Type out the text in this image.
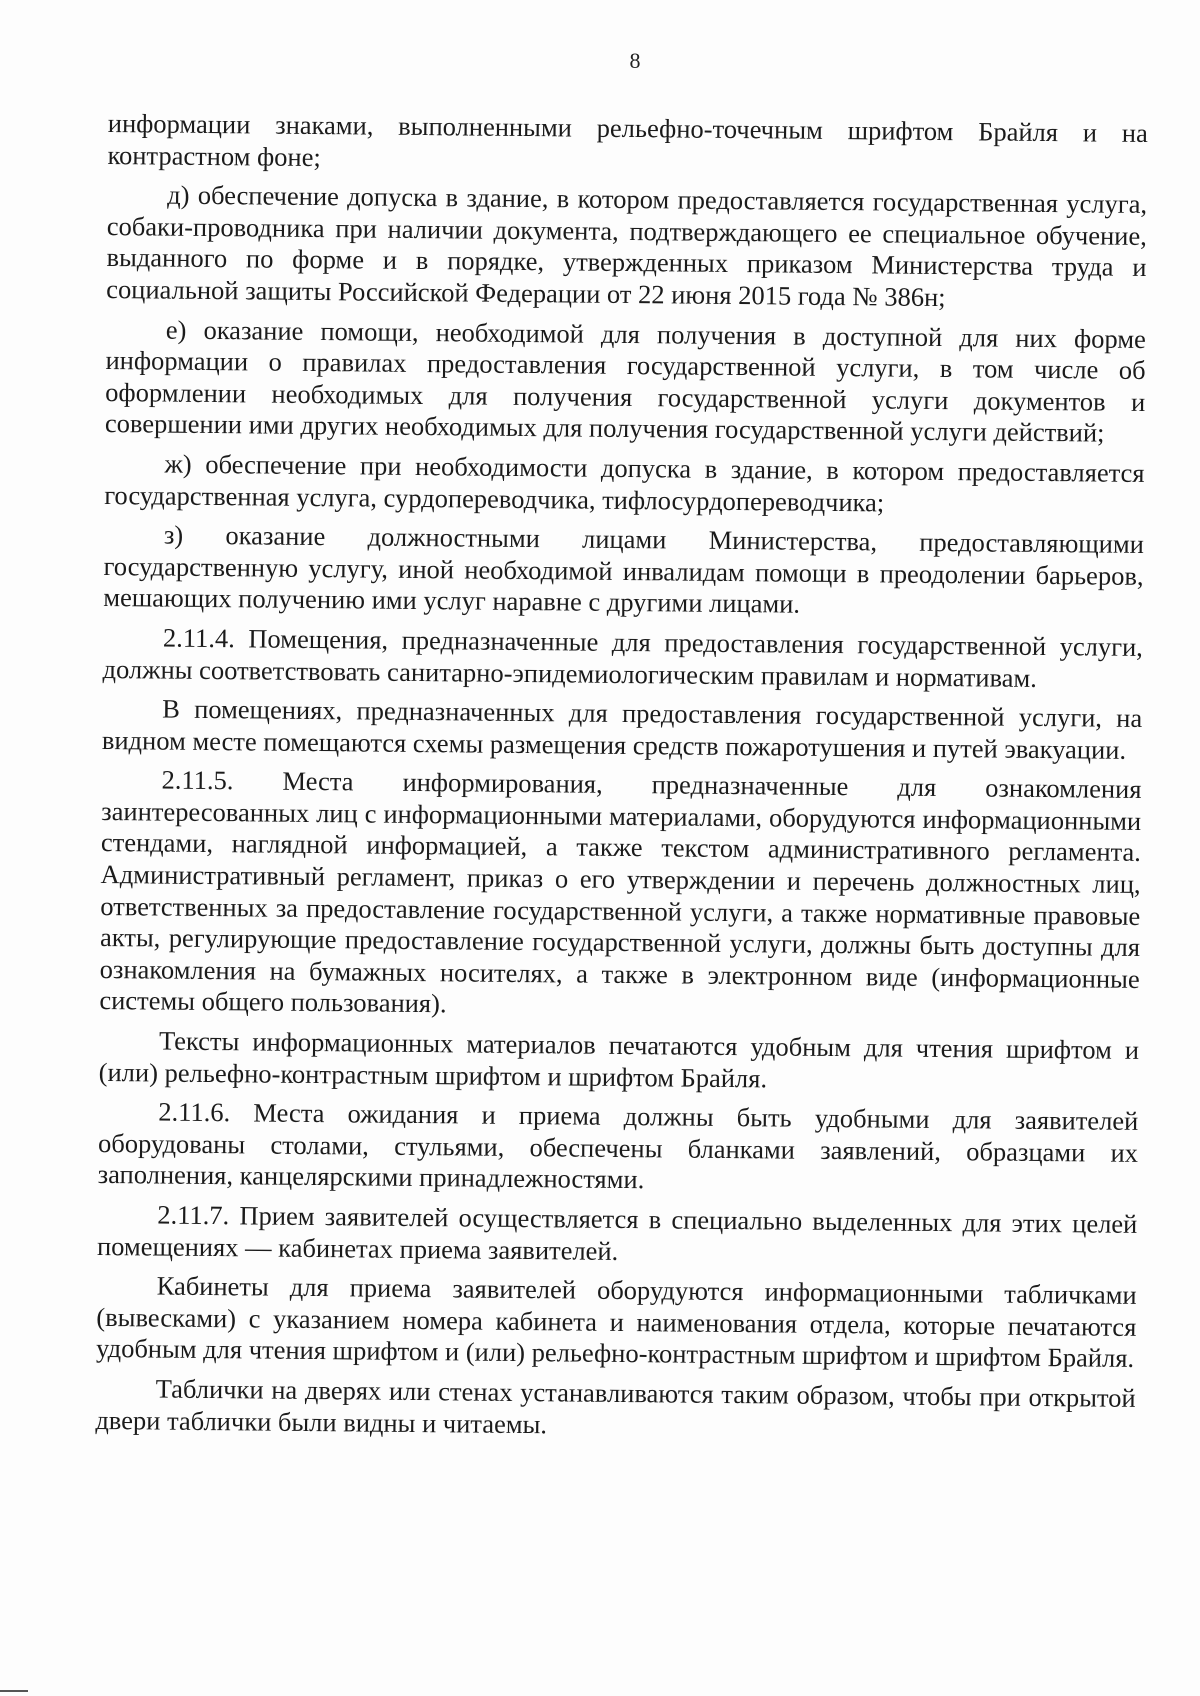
8

информации знаками, выполненными рельефно-точечным шрифтом Брайля и на контрастном фоне;

д) обеспечение допуска в здание, в котором предоставляется государственная услуга, собаки-проводника при наличии документа, подтверждающего ее специальное обучение, выданного по форме и в порядке, утвержденных приказом Министерства труда и социальной защиты Российской Федерации от 22 июня 2015 года № 386н;

е) оказание помощи, необходимой для получения в доступной для них форме информации о правилах предоставления государственной услуги, в том числе об оформлении необходимых для получения государственной услуги документов и совершении ими других необходимых для получения государственной услуги действий;

ж) обеспечение при необходимости допуска в здание, в котором предоставляется государственная услуга, сурдопереводчика, тифлосурдопереводчика;

з) оказание должностными лицами Министерства, предоставляющими государственную услугу, иной необходимой инвалидам помощи в преодолении барьеров, мешающих получению ими услуг наравне с другими лицами.

2.11.4. Помещения, предназначенные для предоставления государственной услуги, должны соответствовать санитарно-эпидемиологическим правилам и нормативам.

В помещениях, предназначенных для предоставления государственной услуги, на видном месте помещаются схемы размещения средств пожаротушения и путей эвакуации.

2.11.5. Места информирования, предназначенные для ознакомления заинтересованных лиц с информационными материалами, оборудуются информационными стендами, наглядной информацией, а также текстом административного регламента. Административный регламент, приказ о его утверждении и перечень должностных лиц, ответственных за предоставление государственной услуги, а также нормативные правовые акты, регулирующие предоставление государственной услуги, должны быть доступны для ознакомления на бумажных носителях, а также в электронном виде (информационные системы общего пользования).

Тексты информационных материалов печатаются удобным для чтения шрифтом и (или) рельефно-контрастным шрифтом и шрифтом Брайля.

2.11.6. Места ожидания и приема должны быть удобными для заявителей оборудованы столами, стульями, обеспечены бланками заявлений, образцами их заполнения, канцелярскими принадлежностями.

2.11.7. Прием заявителей осуществляется в специально выделенных для этих целей помещениях — кабинетах приема заявителей.

Кабинеты для приема заявителей оборудуются информационными табличками (вывесками) с указанием номера кабинета и наименования отдела, которые печатаются удобным для чтения шрифтом и (или) рельефно-контрастным шрифтом и шрифтом Брайля.

Таблички на дверях или стенах устанавливаются таким образом, чтобы при открытой двери таблички были видны и читаемы.
